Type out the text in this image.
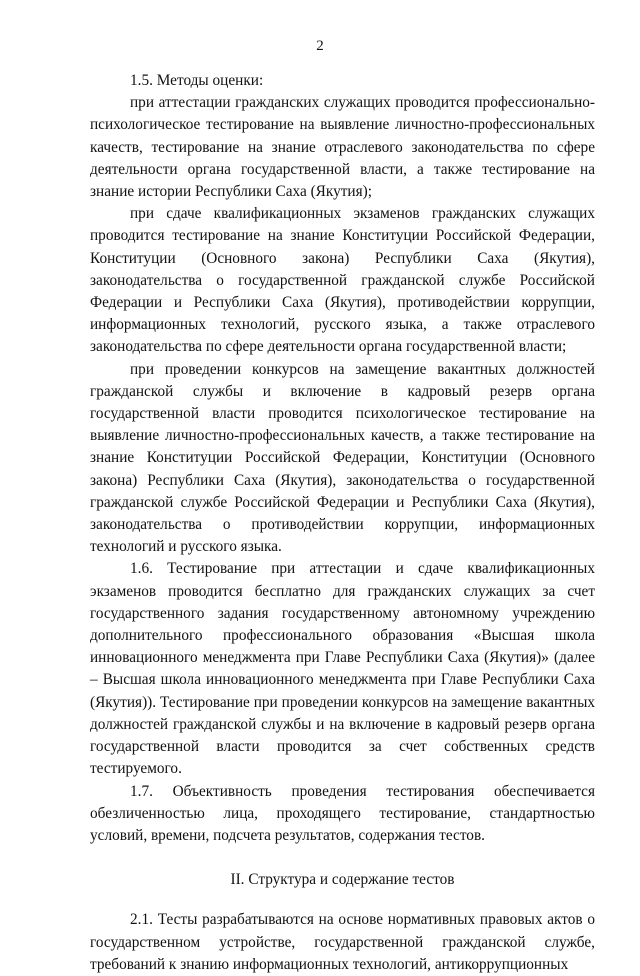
2

1.5. Методы оценки:

при аттестации гражданских служащих проводится профессионально-психологическое тестирование на выявление личностно-профессиональных качеств, тестирование на знание отраслевого законодательства по сфере деятельности органа государственной власти, а также тестирование на знание истории Республики Саха (Якутия);

при сдаче квалификационных экзаменов гражданских служащих проводится тестирование на знание Конституции Российской Федерации, Конституции (Основного закона) Республики Саха (Якутия), законодательства о государственной гражданской службе Российской Федерации и Республики Саха (Якутия), противодействии коррупции, информационных технологий, русского языка, а также отраслевого законодательства по сфере деятельности органа государственной власти;

при проведении конкурсов на замещение вакантных должностей гражданской службы и включение в кадровый резерв органа государственной власти проводится психологическое тестирование на выявление личностно-профессиональных качеств, а также тестирование на знание Конституции Российской Федерации, Конституции (Основного закона) Республики Саха (Якутия), законодательства о государственной гражданской службе Российской Федерации и Республики Саха (Якутия), законодательства о противодействии коррупции, информационных технологий и русского языка.

1.6. Тестирование при аттестации и сдаче квалификационных экзаменов проводится бесплатно для гражданских служащих за счет государственного задания государственному автономному учреждению дополнительного профессионального образования «Высшая школа инновационного менеджмента при Главе Республики Саха (Якутия)» (далее – Высшая школа инновационного менеджмента при Главе Республики Саха (Якутия)). Тестирование при проведении конкурсов на замещение вакантных должностей гражданской службы и на включение в кадровый резерв органа государственной власти проводится за счет собственных средств тестируемого.

1.7. Объективность проведения тестирования обеспечивается обезличенностью лица, проходящего тестирование, стандартностью условий, времени, подсчета результатов, содержания тестов.

II. Структура и содержание тестов

2.1. Тесты разрабатываются на основе нормативных правовых актов о государственном устройстве, государственной гражданской службе, требований к знанию информационных технологий, антикоррупционных
